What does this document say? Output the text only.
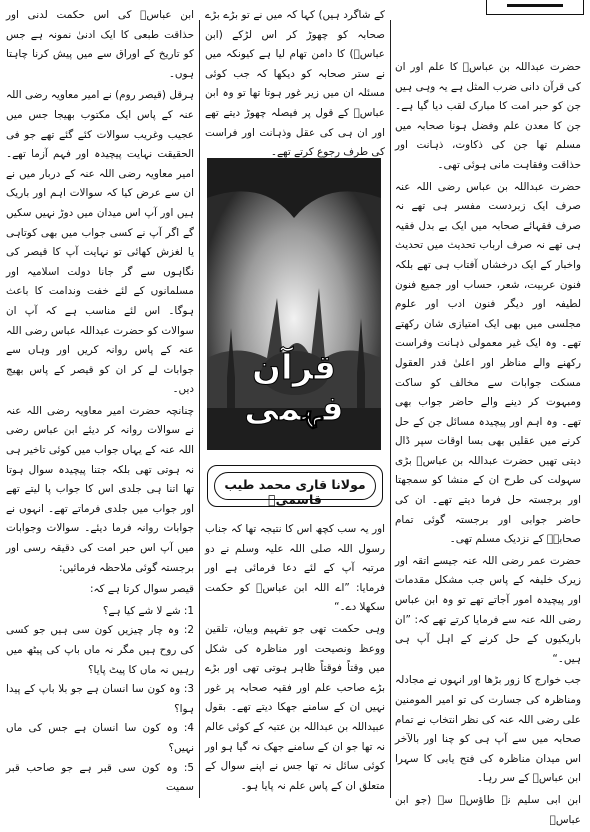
حضرت عبداللہ بن عباسؓ کا علم اور ان کی قرآن دانی ضرب المثل ہے یہ وہی ہیں جن کو حبر امت کا مبارک لقب دیا گیا ہے۔ جن کا معدن علم وفضل ہونا صحابہ میں مسلم تھا جن کی ذکاوت، ذہانت اور حذاقت وفقاہت مانی ہوئی تھی۔

حضرت عبداللہ بن عباس رضی اللہ عنہ صرف ایک زبردست مفسر ہی تھے نہ صرف فقہائے صحابہ میں ایک بے بدل فقیہ ہی تھے نہ صرف ارباب تحدیث میں تحدیث واخبار کے ایک درخشاں آفتاب ہی تھے بلکہ فنون عربیت، شعر، حساب اور جمیع فنون لطیفہ اور دیگر فنون ادب اور علوم مجلسی میں بھی ایک امتیازی شان رکھتے تھے۔ وہ ایک غیر معمولی ذہانت وفراست رکھنے والے مناظر اور اعلیٰ قدر العقول مسکت جوابات سے مخالف کو ساکت ومبہوت کر دینے والے حاضر جواب بھی تھے۔ وہ اہم اور پیچیدہ مسائل جن کے حل کرنے میں عقلیں بھی بسا اوقات سپر ڈال دیتی تھیں حضرت عبداللہ بن عباسؓ بڑی سہولت کی طرح ان کے منشا کو سمجھتا اور برجستہ حل فرما دیتے تھے۔ ان کی حاضر جوابی اور برجستہ گوئی تمام صحابہؓ کے نزدیک مسلم تھی۔

حضرت عمر رضی اللہ عنہ جیسے اتقہ اور زیرک خلیفہ کے پاس جب مشکل مقدمات اور پیچیدہ امور آجاتے تھے تو وہ ابن عباس رضی اللہ عنہ سے فرمایا کرتے تھے کہ: ”ان باریکیوں کے حل کرنے کے اہل آپ ہی ہیں۔“

جب خوارج کا زور بڑھا اور انہوں نے مجادلہ ومناظرہ کی جسارت کی تو امیر المومنین علی رضی اللہ عنہ کی نظر انتخاب نے تمام صحابہ میں سے آپ ہی کو چنا اور بالآخر اس میدان مناظرہ کی فتح یابی کا سہرا ابن عباسؓ کے سر رہا۔

ابن ابی سلیم نے طاؤسؒ سے (جو ابن عباسؓ

کے شاگرد ہیں) کہا کہ میں نے تو بڑے بڑے صحابہ کو چھوڑ کر اس لڑکے (ابن عباسؓ) کا دامن تھام لیا ہے کیونکہ میں نے ستر صحابہ کو دیکھا کہ جب کوئی مسئلہ ان میں زیر غور ہوتا تھا تو وہ ابن عباسؓ کے قول پر فیصلہ چھوڑ دیتے تھے اور ان ہی کی عقل وذہانت اور فراست کی طرف رجوع کرتے تھے۔

قرآن فہمی
مولانا قاری محمد طیب قاسمیؒ

اور یہ سب کچھ اس کا نتیجہ تھا کہ جناب رسول اللہ صلی اللہ علیہ وسلم نے دو مرتبہ آپ کے لئے دعا فرمائی ہے اور فرمایا: ”اے اللہ ابن عباسؓ کو حکمت سکھلا دے۔“

وہی حکمت تھی جو تفہیم وبیان، تلقین ووعظ ونصیحت اور مناظرہ کی شکل میں وقتاً فوقتاً ظاہر ہوتی تھی اور بڑے بڑے صاحب علم اور فقیہ صحابہ پر غور نہیں ان کے سامنے جھکا دیتے تھے۔ بقول عبیداللہ بن عبداللہ بن عتبہ کے کوئی عالم نہ تھا جو ان کے سامنے جھک نہ گیا ہو اور کوئی سائل نہ تھا جس نے اپنے سوال کے متعلق ان کے پاس علم نہ پایا ہو۔

ابن عباسؓ کی اس حکمت لدنی اور حذاقت طبعی کا ایک ادنیٰ نمونہ ہے جس کو تاریخ کے اوراق سے میں پیش کرنا چاہتا ہوں۔

ہرقل (قیصر روم) نے امیر معاویہ رضی اللہ عنہ کے پاس ایک مکتوب بھیجا جس میں عجیب وغریب سوالات کئے گئے تھے جو فی الحقیقت نہایت پیچیدہ اور فہم آزما تھے۔ امیر معاویہ رضی اللہ عنہ کے دربار میں نے ان سے عرض کیا کہ سوالات اہم اور باریک ہیں اور آپ اس میدان میں دوڑ نہیں سکیں گے اگر آپ نے کسی جواب میں بھی کوتاہی یا لغزش کھائی تو نہایت آپ کا قیصر کی نگاہوں سے گر جانا دولت اسلامیہ اور مسلمانوں کے لئے خفت وندامت کا باعث ہوگا۔ اس لئے مناسب ہے کہ آپ ان سوالات کو حضرت عبداللہ عباس رضی اللہ عنہ کے پاس روانہ کریں اور وہاں سے جوابات لے کر ان کو قیصر کے پاس بھیج دیں۔

چنانچہ حضرت امیر معاویہ رضی اللہ عنہ نے سوالات روانہ کر دیئے ابن عباس رضی اللہ عنہ کے یہاں جواب میں کوئی تاخیر ہی نہ ہوتی تھی بلکہ جتنا پیچیدہ سوال ہوتا تھا اتنا ہی جلدی اس کا جواب پا لیتے تھے اور جواب میں جلدی فرماتے تھے۔ انہوں نے جوابات روانہ فرما دیئے۔ سوالات وجوابات میں آپ اس حبر امت کی دقیقہ رسی اور برجستہ گوئی ملاحظہ فرمائیں:

قیصر سوال کرتا ہے کہ:

1: شے لا شے کیا ہے؟
2: وہ چار چیزیں کون سی ہیں جو کسی کی روح ہیں مگر نہ ماں باپ کی پیٹھ میں رہیں نہ ماں کا پیٹ پایا؟
3: وہ کون سا انسان ہے جو بلا باپ کے پیدا ہوا؟
4: وہ کون سا انسان ہے جس کی ماں نہیں؟
5: وہ کون سی قبر ہے جو صاحب قبر سمیت
